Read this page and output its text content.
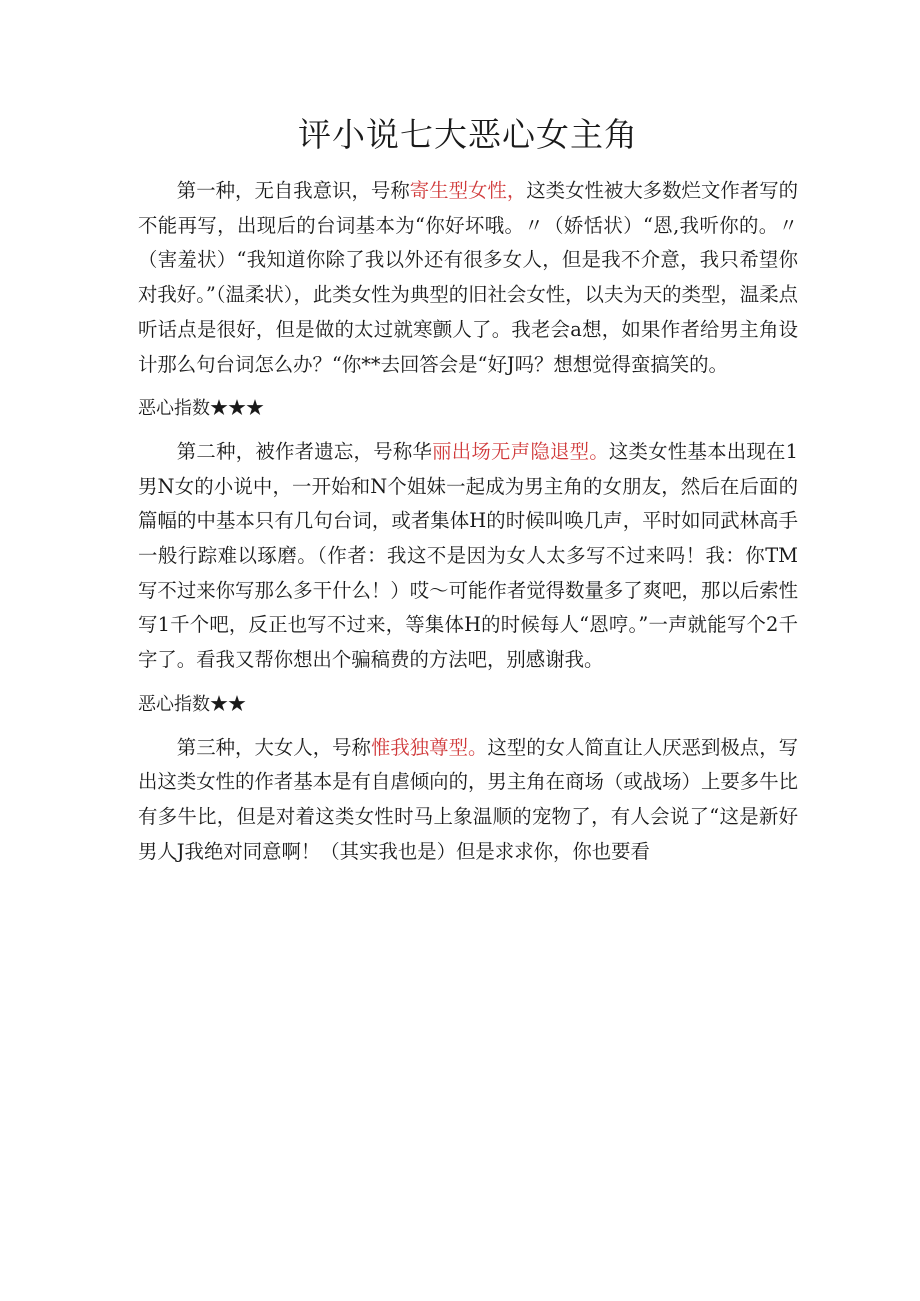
评小说七大恶心女主角

第一种，无自我意识，号称寄生型女性，这类女性被大多数烂文作者写的不能再写，出现后的台词基本为“你好坏哦。〃（娇恬状）“恩,我听你的。〃（害羞状）“我知道你除了我以外还有很多女人，但是我不介意，我只希望你对我好。”（温柔状），此类女性为典型的旧社会女性，以夫为天的类型，温柔点听话点是很好，但是做的太过就寒颤人了。我老会a想，如果作者给男主角设计那么句台词怎么办？“你**去回答会是“好J吗？想想觉得蛮搞笑的。

恶心指数★★★

第二种，被作者遗忘，号称华丽出场无声隐退型。这类女性基本出现在1男N女的小说中，一开始和N个姐妹一起成为男主角的女朋友，然后在后面的篇幅的中基本只有几句台词，或者集体H的时候叫唤几声，平时如同武林高手一般行踪难以琢磨。（作者：我这不是因为女人太多写不过来吗！我：你TM写不过来你写那么多干什么！）哎〜可能作者觉得数量多了爽吧，那以后索性写1千个吧，反正也写不过来，等集体H的时候每人“恩哼。”一声就能写个2千字了。看我又帮你想出个骗稿费的方法吧，别感谢我。

恶心指数★★

第三种，大女人，号称惟我独尊型。这型的女人简直让人厌恶到极点，写出这类女性的作者基本是有自虐倾向的，男主角在商场（或战场）上要多牛比有多牛比，但是对着这类女性时马上象温顺的宠物了，有人会说了“这是新好男人J我绝对同意啊！（其实我也是）但是求求你，你也要看
